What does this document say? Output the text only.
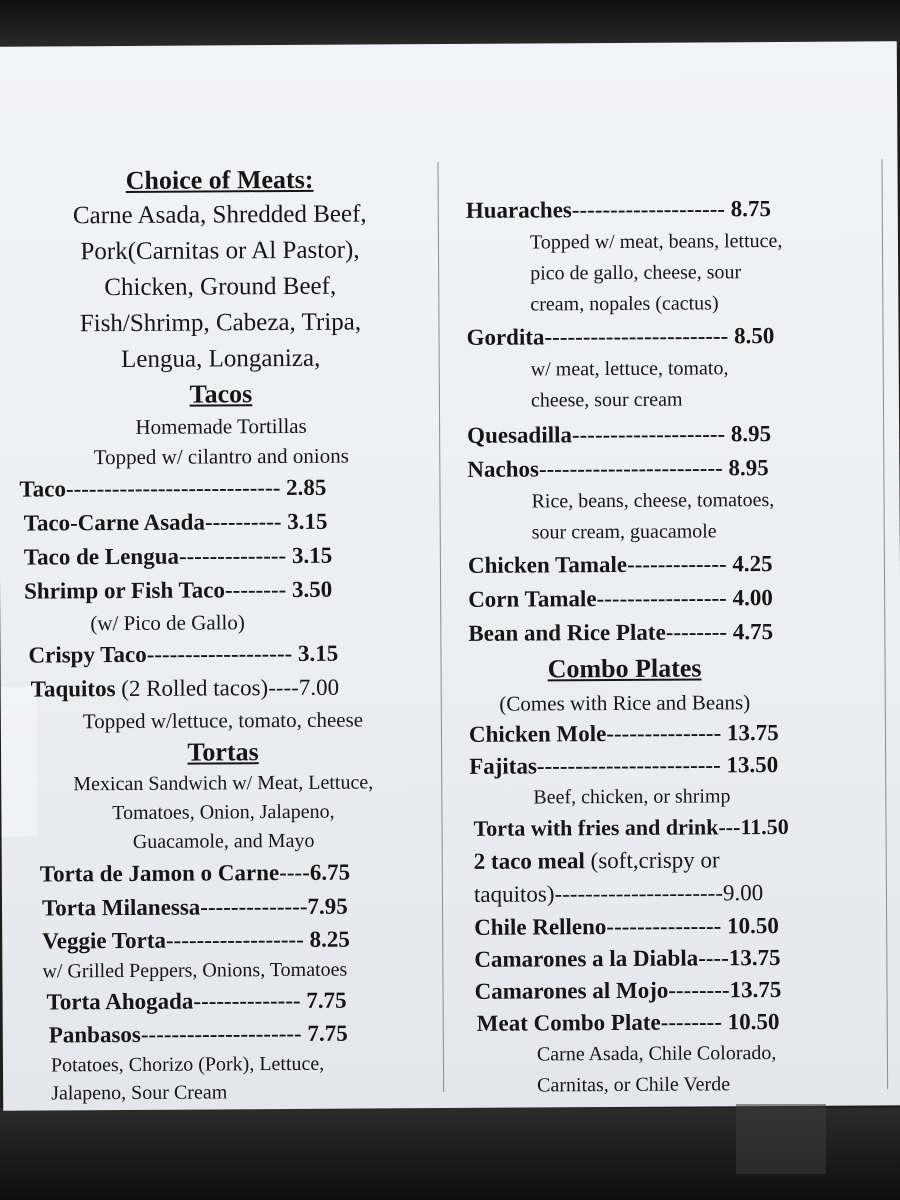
Choice of Meats:
Carne Asada, Shredded Beef,
Pork(Carnitas or Al Pastor),
Chicken, Ground Beef,
Fish/Shrimp, Cabeza, Tripa,
Lengua, Longaniza,
Tacos
Homemade Tortillas
Topped w/ cilantro and onions
Taco---------------------------- 2.85
Taco-Carne Asada---------- 3.15
Taco de Lengua-------------- 3.15
Shrimp or Fish Taco-------- 3.50
(w/ Pico de Gallo)
Crispy Taco------------------- 3.15
Taquitos (2 Rolled tacos)----7.00
Topped w/lettuce, tomato, cheese
Tortas
Mexican Sandwich w/ Meat, Lettuce,
Tomatoes, Onion, Jalapeno,
Guacamole, and Mayo
Torta de Jamon o Carne----6.75
Torta Milanessa--------------7.95
Veggie Torta------------------ 8.25
w/ Grilled Peppers, Onions, Tomatoes
Torta Ahogada-------------- 7.75
Panbasos--------------------- 7.75
Potatoes, Chorizo (Pork), Lettuce,
Jalapeno, Sour Cream
Huaraches-------------------- 8.75
Topped w/ meat, beans, lettuce,
pico de gallo, cheese, sour
cream, nopales (cactus)
Gordita------------------------ 8.50
w/ meat, lettuce, tomato,
cheese, sour cream
Quesadilla-------------------- 8.95
Nachos------------------------ 8.95
Rice, beans, cheese, tomatoes,
sour cream, guacamole
Chicken Tamale------------- 4.25
Corn Tamale----------------- 4.00
Bean and Rice Plate-------- 4.75
Combo Plates
(Comes with Rice and Beans)
Chicken Mole--------------- 13.75
Fajitas------------------------ 13.50
Beef, chicken, or shrimp
Torta with fries and drink---11.50
2 taco meal (soft,crispy or
taquitos)----------------------9.00
Chile Relleno--------------- 10.50
Camarones a la Diabla----13.75
Camarones al Mojo--------13.75
Meat Combo Plate-------- 10.50
Carne Asada, Chile Colorado,
Carnitas, or Chile Verde
